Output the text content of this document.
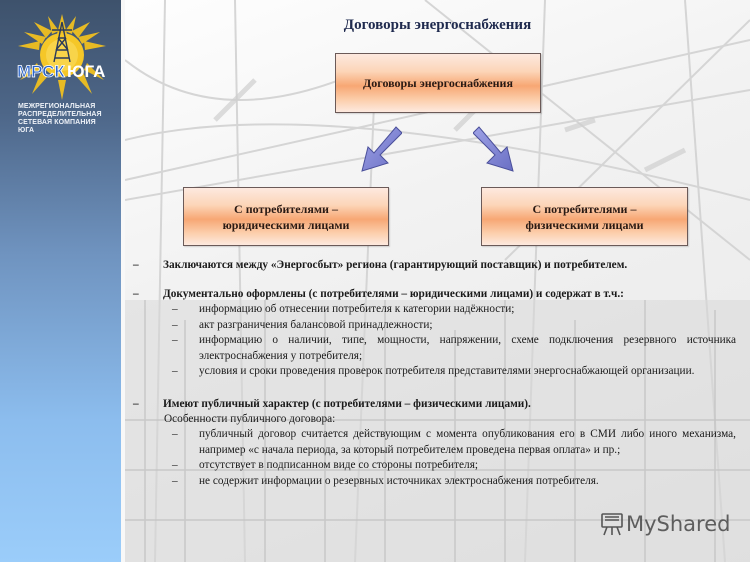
МРСК ЮГА
МЕЖРЕГИОНАЛЬНАЯ
РАСПРЕДЕЛИТЕЛЬНАЯ
СЕТЕВАЯ КОМПАНИЯ
ЮГА
Договоры энергоснабжения
Договоры энергоснабжения
С потребителями –
юридическими лицами
С потребителями –
физическими лицами
– Заключаются между «Энергосбыт» региона (гарантирующий поставщик) и потребителем.
– Документально оформлены (с потребителями – юридическими лицами) и содержат в т.ч.:
– информацию об отнесении потребителя к категории надёжности;
– акт разграничения балансовой принадлежности;
– информацию о наличии, типе, мощности, напряжении, схеме подключения резервного источника электроснабжения у потребителя;
– условия и сроки проведения проверок потребителя представителями энергоснабжающей организации.
– Имеют публичный характер (с потребителями – физическими лицами).
Особенности публичного договора:
– публичный договор считается действующим с момента опубликования его в СМИ либо иного механизма, например «с начала периода, за который потребителем проведена первая оплата» и пр.;
– отсутствует в подписанном виде со стороны потребителя;
– не содержит информации о резервных источниках электроснабжения потребителя.
MyShared
